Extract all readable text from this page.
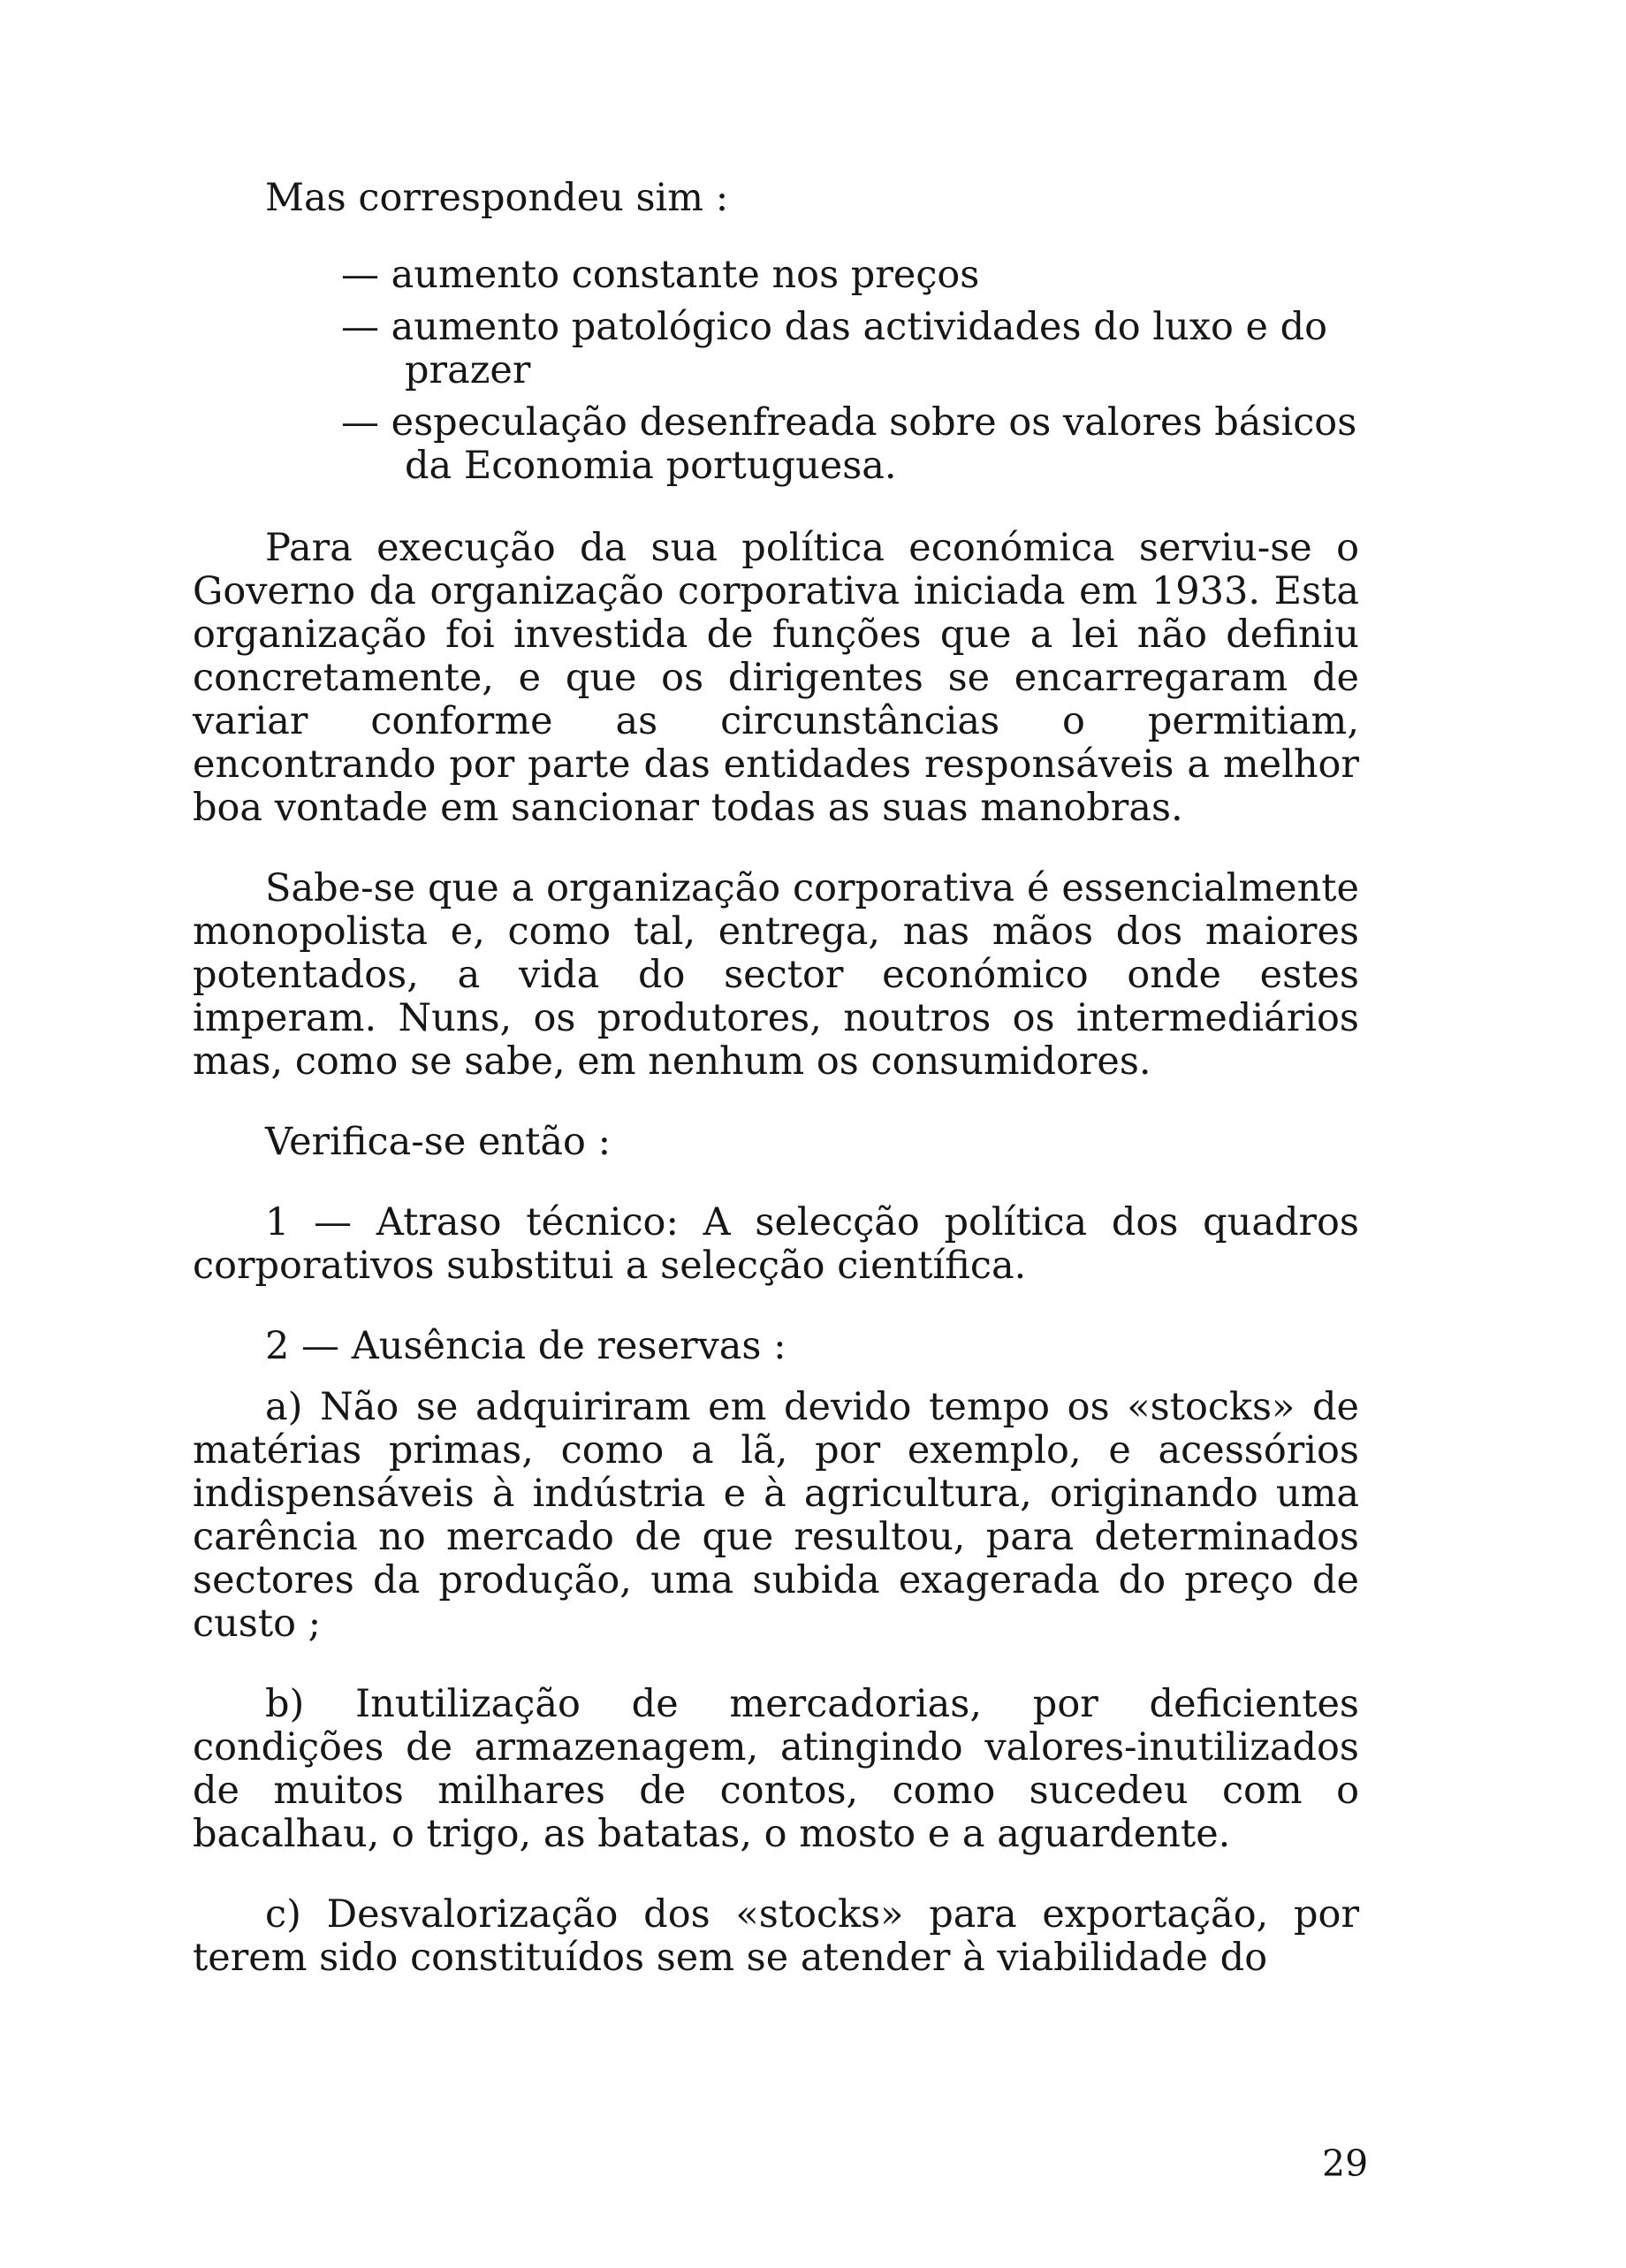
Mas correspondeu sim :

— aumento constante nos preços
— aumento patológico das actividades do luxo e do prazer
— especulação desenfreada sobre os valores básicos da Economia portuguesa.

Para execução da sua política económica serviu-se o Governo da organização corporativa iniciada em 1933. Esta organização foi investida de funções que a lei não definiu concretamente, e que os dirigentes se encarregaram de variar conforme as circunstâncias o permitiam, encontrando por parte das entidades responsáveis a melhor boa vontade em sancionar todas as suas manobras.

Sabe-se que a organização corporativa é essencialmente monopolista e, como tal, entrega, nas mãos dos maiores potentados, a vida do sector económico onde estes imperam. Nuns, os produtores, noutros os intermediários mas, como se sabe, em nenhum os consumidores.

Verifica-se então :

1 — Atraso técnico: A selecção política dos quadros corporativos substitui a selecção científica.

2 — Ausência de reservas :

a) Não se adquiriram em devido tempo os «stocks» de matérias primas, como a lã, por exemplo, e acessórios indispensáveis à indústria e à agricultura, originando uma carência no mercado de que resultou, para determinados sectores da produção, uma subida exagerada do preço de custo ;

b) Inutilização de mercadorias, por deficientes condições de armazenagem, atingindo valores-inutilizados de muitos milhares de contos, como sucedeu com o bacalhau, o trigo, as batatas, o mosto e a aguardente.

c) Desvalorização dos «stocks» para exportação, por terem sido constituídos sem se atender à viabilidade do

29
